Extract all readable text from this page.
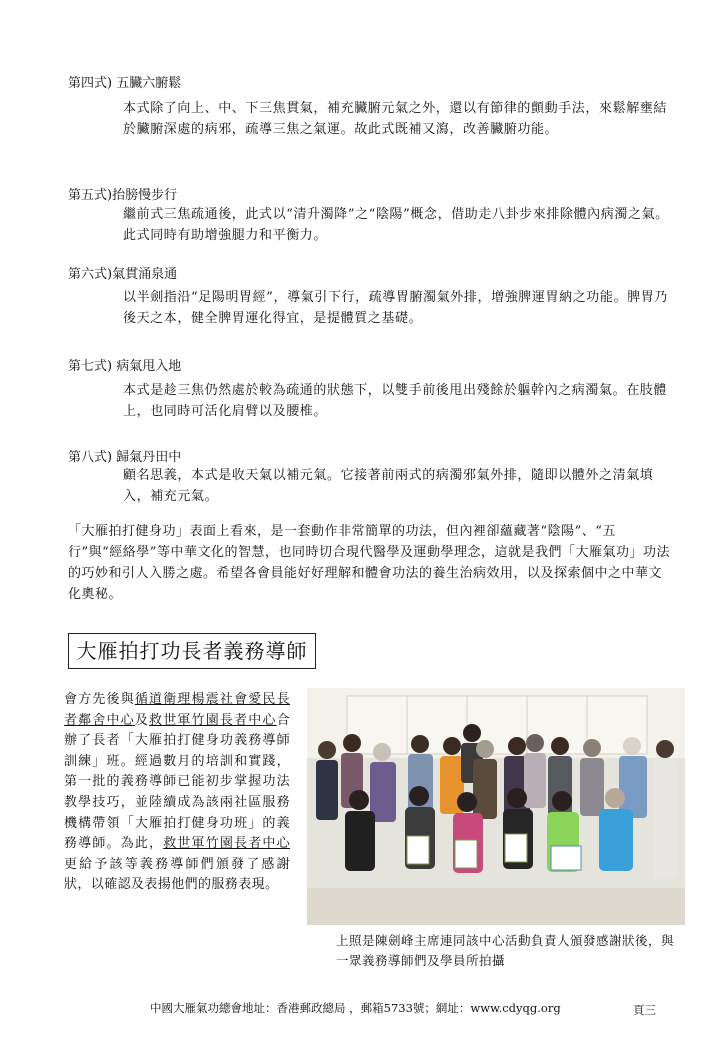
第四式) 五臟六腑鬆
本式除了向上、中、下三焦貫氣，補充臟腑元氣之外，還以有節律的顫動手法，來鬆解壅結於臟腑深處的病邪，疏導三焦之氣運。故此式既補又瀉，改善臟腑功能。
第五式)抬膀慢步行
繼前式三焦疏通後，此式以“清升濁降”之“陰陽”概念，借助走八卦步來排除體內病濁之氣。此式同時有助增強腿力和平衡力。
第六式)氣貫涌泉通
以半劍指沿“足陽明胃經”，導氣引下行，疏導胃腑濁氣外排，增強脾運胃納之功能。脾胃乃後天之本，健全脾胃運化得宜，是提體質之基礎。
第七式) 病氣甩入地
本式是趁三焦仍然處於較為疏通的狀態下，以雙手前後甩出殘餘於軀幹內之病濁氣。在肢體上，也同時可活化肩臂以及腰椎。
第八式) 歸氣丹田中
顧名思義，本式是收天氣以補元氣。它接著前兩式的病濁邪氣外排，隨即以體外之清氣填入，補充元氣。
「大雁拍打健身功」表面上看來，是一套動作非常簡單的功法，但內裡卻蘊藏著“陰陽”、“五行”與“經絡學”等中華文化的智慧，也同時切合現代醫學及運動學理念，這就是我們「大雁氣功」功法的巧妙和引人入勝之處。希望各會員能好好理解和體會功法的養生治病效用，以及探索個中之中華文化奧秘。
大雁拍打功長者義務導師
會方先後與循道衛理楊震社會愛民長者鄰舍中心及救世軍竹園長者中心合辦了長者「大雁拍打健身功義務導師訓練」班。經過數月的培訓和實踐，第一批的義務導師已能初步掌握功法教學技巧，並陸續成為該兩社區服務機構帶領「大雁拍打健身功班」的義務導師。為此，救世軍竹園長者中心更給予該等義務導師們頒發了感謝狀，以確認及表揚他們的服務表現。
上照是陳劍峰主席連同該中心活動負責人頒發感謝狀後，與一眾義務導師們及學員所拍攝
中國大雁氣功總會地址：香港郵政總局 ，郵箱5733號；網址：www.cdyqg.org	頁三
